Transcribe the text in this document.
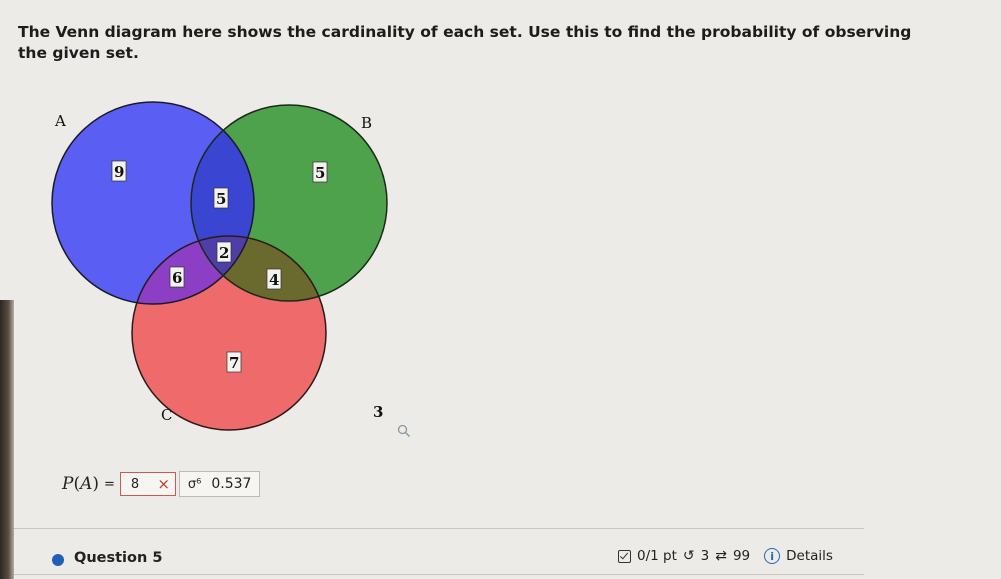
The Venn diagram here shows the cardinality of each set. Use this to find the probability of observing the given set.
A	B
C
9	5
5
2
6	4
7
3
P(A) = 8 ×	σ⁶ 0.537
Question 5	0/1 pt ↺ 3 ⇄ 99	i Details
